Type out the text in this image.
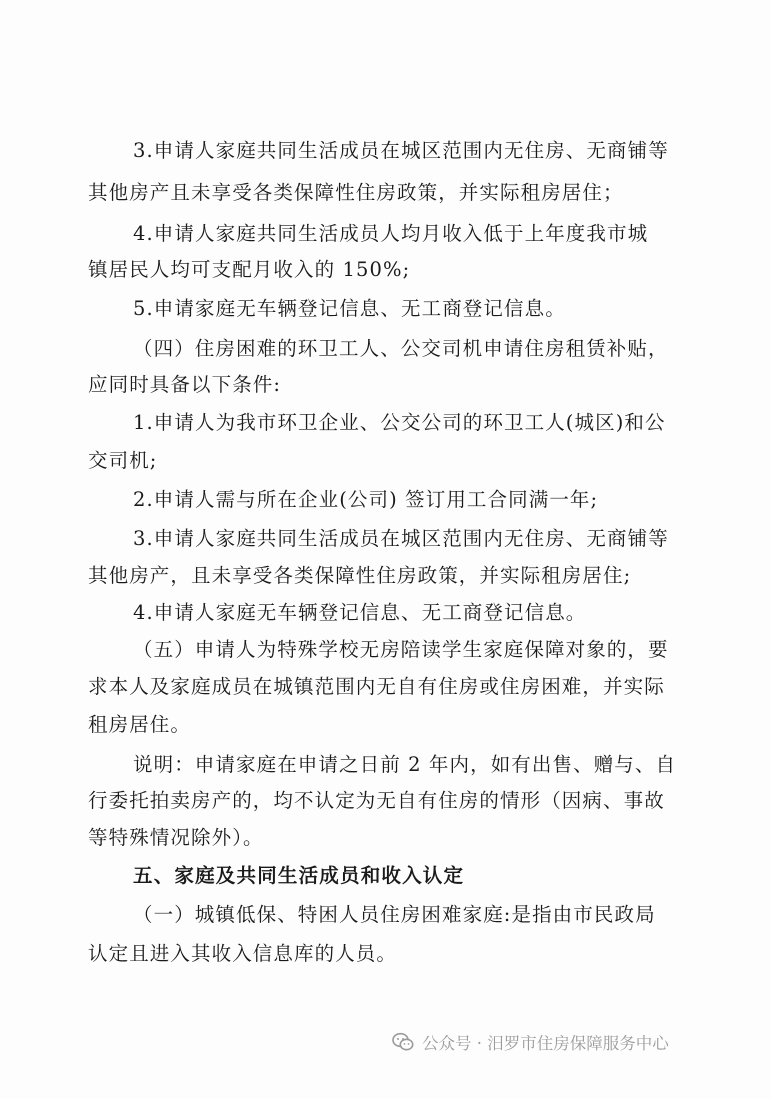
3.申请人家庭共同生活成员在城区范围内无住房、无商铺等
其他房产且未享受各类保障性住房政策，并实际租房居住；
4.申请人家庭共同生活成员人均月收入低于上年度我市城
镇居民人均可支配月收入的 150%;
5.申请家庭无车辆登记信息、无工商登记信息。
（四）住房困难的环卫工人、公交司机申请住房租赁补贴，
应同时具备以下条件:
1.申请人为我市环卫企业、公交公司的环卫工人(城区)和公
交司机;
2.申请人需与所在企业(公司) 签订用工合同满一年;
3.申请人家庭共同生活成员在城区范围内无住房、无商铺等
其他房产，且未享受各类保障性住房政策，并实际租房居住;
4.申请人家庭无车辆登记信息、无工商登记信息。
（五）申请人为特殊学校无房陪读学生家庭保障对象的，要
求本人及家庭成员在城镇范围内无自有住房或住房困难，并实际
租房居住。
说明：申请家庭在申请之日前 2 年内，如有出售、赠与、自
行委托拍卖房产的，均不认定为无自有住房的情形（因病、事故
等特殊情况除外）。
五、家庭及共同生活成员和收入认定
（一）城镇低保、特困人员住房困难家庭:是指由市民政局
认定且进入其收入信息库的人员。
公众号 · 汨罗市住房保障服务中心
